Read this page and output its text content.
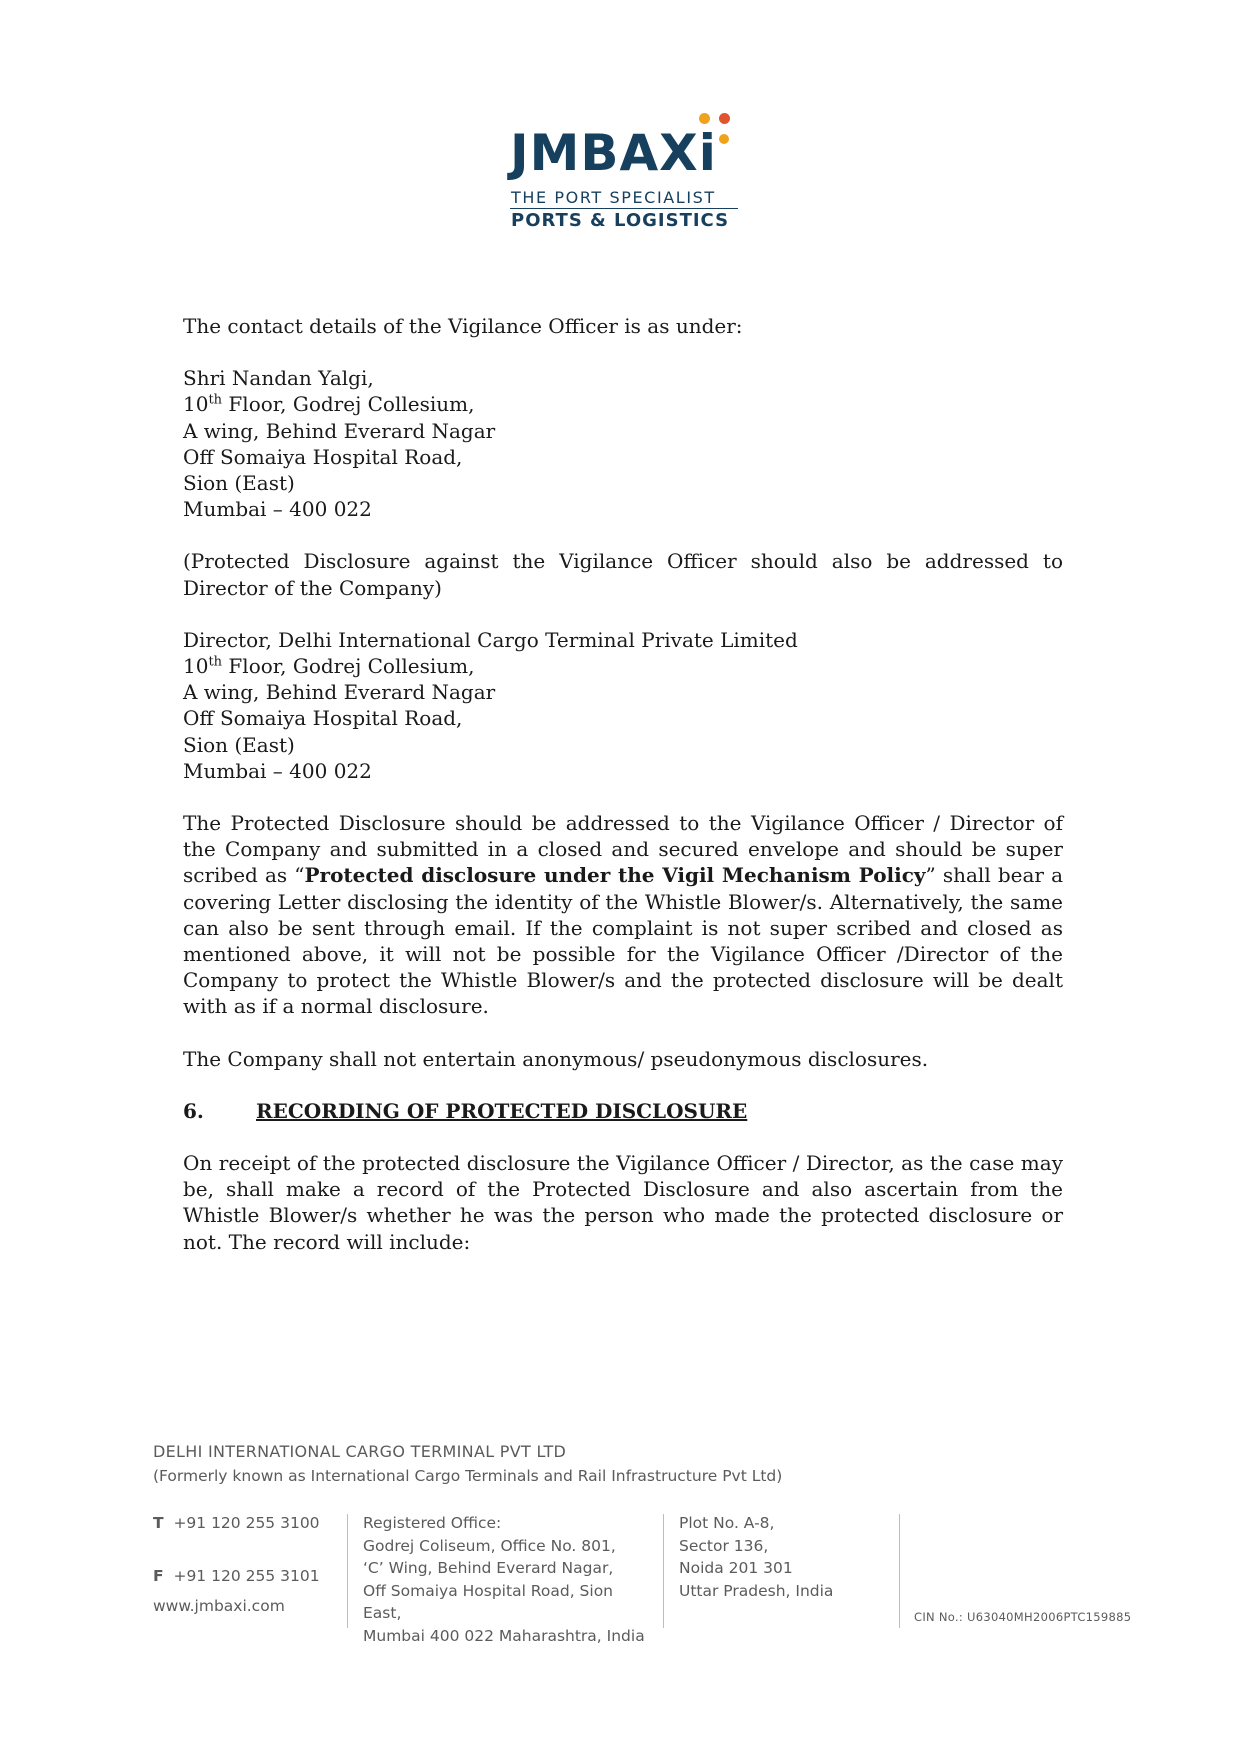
JMBAXi
THE PORT SPECIALIST
PORTS & LOGISTICS

The contact details of the Vigilance Officer is as under:

Shri Nandan Yalgi,

10th Floor, Godrej Collesium,

A wing, Behind Everard Nagar

Off Somaiya Hospital Road,

Sion (East)

Mumbai – 400 022

(Protected Disclosure against the Vigilance Officer should also be addressed to Director of the Company)

Director, Delhi International Cargo Terminal Private Limited

10th Floor, Godrej Collesium,

A wing, Behind Everard Nagar

Off Somaiya Hospital Road,

Sion (East)

Mumbai – 400 022

The Protected Disclosure should be addressed to the Vigilance Officer / Director of the Company and submitted in a closed and secured envelope and should be super scribed as “Protected disclosure under the Vigil Mechanism Policy” shall bear a covering Letter disclosing the identity of the Whistle Blower/s. Alternatively, the same can also be sent through email. If the complaint is not super scribed and closed as mentioned above, it will not be possible for the Vigilance Officer /Director of the Company to protect the Whistle Blower/s and the protected disclosure will be dealt with as if a normal disclosure.

The Company shall not entertain anonymous/ pseudonymous disclosures.

6.	RECORDING OF PROTECTED DISCLOSURE

On receipt of the protected disclosure the Vigilance Officer / Director, as the case may be, shall make a record of the Protected Disclosure and also ascertain from the Whistle Blower/s whether he was the person who made the protected disclosure or not. The record will include:

DELHI INTERNATIONAL CARGO TERMINAL PVT LTD
(Formerly known as International Cargo Terminals and Rail Infrastructure Pvt Ltd)
T +91 120 255 3100
F +91 120 255 3101
www.jmbaxi.com
Registered Office:
Godrej Coliseum, Office No. 801,
‘C’ Wing, Behind Everard Nagar,
Off Somaiya Hospital Road, Sion East,
Mumbai 400 022 Maharashtra, India
Plot No. A-8,
Sector 136,
Noida 201 301
Uttar Pradesh, India
CIN No.: U63040MH2006PTC159885
